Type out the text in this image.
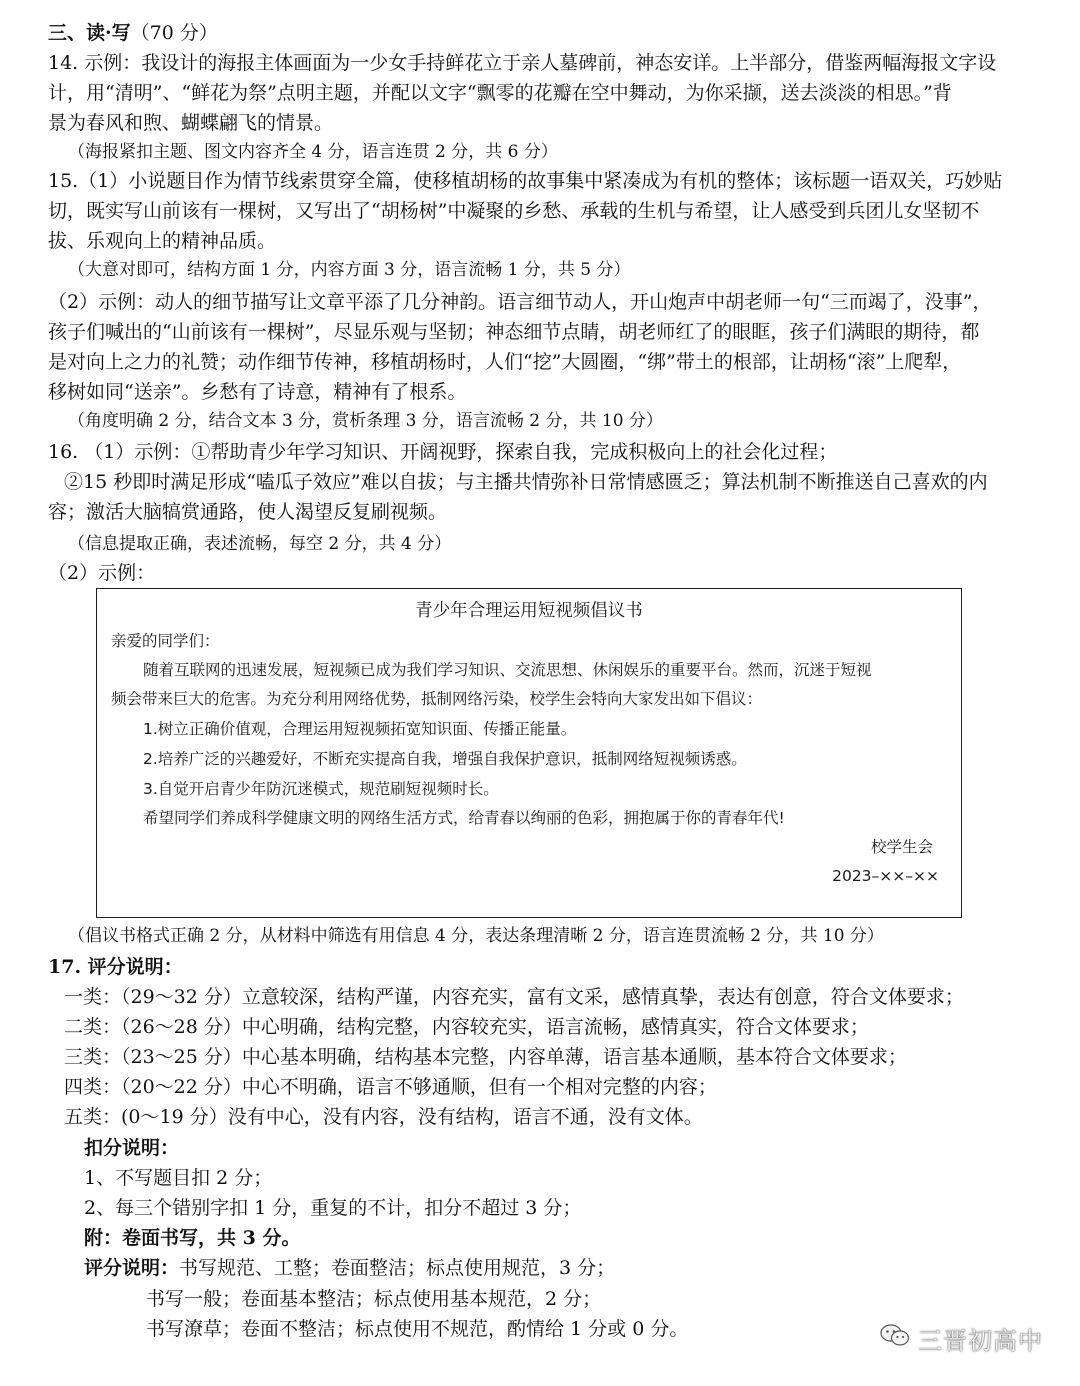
三、读·写（70 分）
14. 示例：我设计的海报主体画面为一少女手持鲜花立于亲人墓碑前，神态安详。上半部分，借鉴两幅海报文字设
计，用“清明”、“鲜花为祭”点明主题，并配以文字“飘零的花瓣在空中舞动，为你采撷，送去淡淡的相思。”背
景为春风和煦、蝴蝶翩飞的情景。
（海报紧扣主题、图文内容齐全 4 分，语言连贯 2 分，共 6 分）
15.（1）小说题目作为情节线索贯穿全篇，使移植胡杨的故事集中紧凑成为有机的整体；该标题一语双关，巧妙贴
切，既实写山前该有一棵树，又写出了“胡杨树”中凝聚的乡愁、承载的生机与希望，让人感受到兵团儿女坚韧不
拔、乐观向上的精神品质。
（大意对即可，结构方面 1 分，内容方面 3 分，语言流畅 1 分，共 5 分）
（2）示例：动人的细节描写让文章平添了几分神韵。语言细节动人，开山炮声中胡老师一句“三而竭了，没事”，
孩子们喊出的“山前该有一棵树”，尽显乐观与坚韧；神态细节点睛，胡老师红了的眼眶，孩子们满眼的期待，都
是对向上之力的礼赞；动作细节传神，移植胡杨时，人们“挖”大圆圈，“绑”带土的根部，让胡杨“滚”上爬犁，
移树如同“送亲”。乡愁有了诗意，精神有了根系。
（角度明确 2 分，结合文本 3 分，赏析条理 3 分，语言流畅 2 分，共 10 分）
16. （1）示例：①帮助青少年学习知识、开阔视野，探索自我，完成积极向上的社会化过程；
②15 秒即时满足形成“嗑瓜子效应”难以自拔；与主播共情弥补日常情感匮乏；算法机制不断推送自己喜欢的内
容；激活大脑犒赏通路，使人渴望反复刷视频。
（信息提取正确，表述流畅，每空 2 分，共 4 分）
（2）示例：
青少年合理运用短视频倡议书
亲爱的同学们：
随着互联网的迅速发展，短视频已成为我们学习知识、交流思想、休闲娱乐的重要平台。然而，沉迷于短视
频会带来巨大的危害。为充分利用网络优势，抵制网络污染，校学生会特向大家发出如下倡议：
1.树立正确价值观，合理运用短视频拓宽知识面、传播正能量。
2.培养广泛的兴趣爱好，不断充实提高自我，增强自我保护意识，抵制网络短视频诱惑。
3.自觉开启青少年防沉迷模式，规范刷短视频时长。
希望同学们养成科学健康文明的网络生活方式，给青春以绚丽的色彩，拥抱属于你的青春年代!
校学生会
2023–××–××
（倡议书格式正确 2 分，从材料中筛选有用信息 4 分，表达条理清晰 2 分，语言连贯流畅 2 分，共 10 分）
17. 评分说明：
一类：（29～32 分）立意较深，结构严谨，内容充实，富有文采，感情真挚，表达有创意，符合文体要求；
二类：（26～28 分）中心明确，结构完整，内容较充实，语言流畅，感情真实，符合文体要求；
三类：（23～25 分）中心基本明确，结构基本完整，内容单薄，语言基本通顺，基本符合文体要求；
四类：（20～22 分）中心不明确，语言不够通顺，但有一个相对完整的内容；
五类：(0～19 分）没有中心，没有内容，没有结构，语言不通，没有文体。
扣分说明：
1、不写题目扣 2 分；
2、每三个错别字扣 1 分，重复的不计，扣分不超过 3 分；
附：卷面书写，共 3 分。
评分说明：书写规范、工整；卷面整洁；标点使用规范，3 分；
书写一般；卷面基本整洁；标点使用基本规范，2 分；
书写潦草；卷面不整洁；标点使用不规范，酌情给 1 分或 0 分。	三晋初高中
